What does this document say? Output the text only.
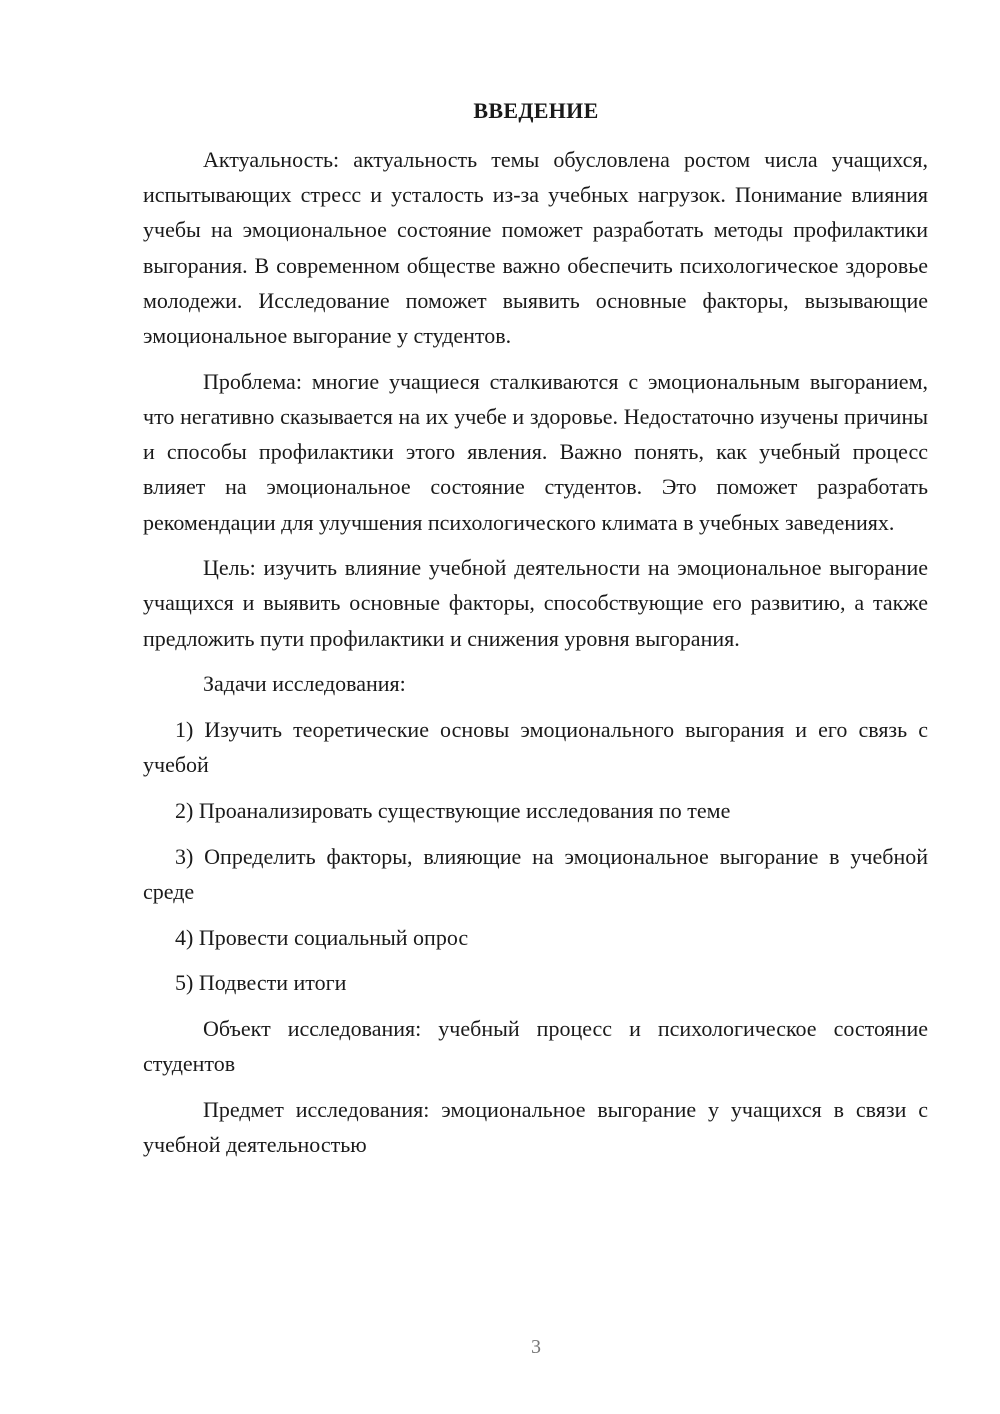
ВВЕДЕНИЕ

Актуальность: актуальность темы обусловлена ростом числа учащихся, испытывающих стресс и усталость из-за учебных нагрузок. Понимание влияния учебы на эмоциональное состояние поможет разработать методы профилактики выгорания. В современном обществе важно обеспечить психологическое здоровье молодежи. Исследование поможет выявить основные факторы, вызывающие эмоциональное выгорание у студентов.

Проблема: многие учащиеся сталкиваются с эмоциональным выгоранием, что негативно сказывается на их учебе и здоровье. Недостаточно изучены причины и способы профилактики этого явления. Важно понять, как учебный процесс влияет на эмоциональное состояние студентов. Это поможет разработать рекомендации для улучшения психологического климата в учебных заведениях.

Цель: изучить влияние учебной деятельности на эмоциональное выгорание учащихся и выявить основные факторы, способствующие его развитию, а также предложить пути профилактики и снижения уровня выгорания.

Задачи исследования:

1) Изучить теоретические основы эмоционального выгорания и его связь с учебой

2) Проанализировать существующие исследования по теме

3) Определить факторы, влияющие на эмоциональное выгорание в учебной среде

4) Провести социальный опрос

5) Подвести итоги

Объект исследования: учебный процесс и психологическое состояние студентов

Предмет исследования: эмоциональное выгорание у учащихся в связи с учебной деятельностью

3
